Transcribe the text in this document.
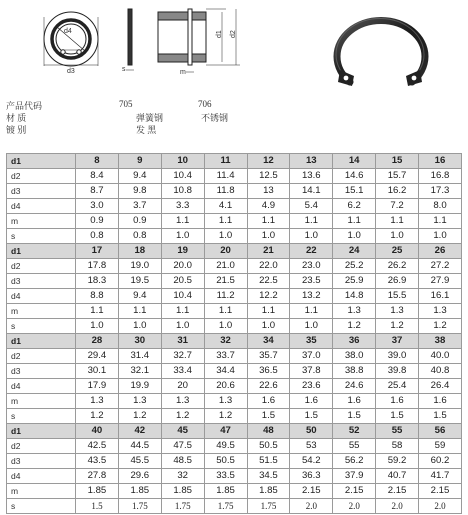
d4
d3	s
d1 d2
m
产品代码	705	706
材 质	弹簧钢	不锈钢
镀 别	发 黑
d1	8	9	10	11	12	13	14	15	16
d2	8.4	9.4	10.4	11.4	12.5	13.6	14.6	15.7	16.8
d3	8.7	9.8	10.8	11.8	13	14.1	15.1	16.2	17.3
d4	3.0	3.7	3.3	4.1	4.9	5.4	6.2	7.2	8.0
m	0.9	0.9	1.1	1.1	1.1	1.1	1.1	1.1	1.1
s	0.8	0.8	1.0	1.0	1.0	1.0	1.0	1.0	1.0
d1	17	18	19	20	21	22	24	25	26
d2	17.8	19.0	20.0	21.0	22.0	23.0	25.2	26.2	27.2
d3	18.3	19.5	20.5	21.5	22.5	23.5	25.9	26.9	27.9
d4	8.8	9.4	10.4	11.2	12.2	13.2	14.8	15.5	16.1
m	1.1	1.1	1.1	1.1	1.1	1.1	1.3	1.3	1.3
s	1.0	1.0	1.0	1.0	1.0	1.0	1.2	1.2	1.2
d1	28	30	31	32	34	35	36	37	38
d2	29.4	31.4	32.7	33.7	35.7	37.0	38.0	39.0	40.0
d3	30.1	32.1	33.4	34.4	36.5	37.8	38.8	39.8	40.8
d4	17.9	19.9	20	20.6	22.6	23.6	24.6	25.4	26.4
m	1.3	1.3	1.3	1.3	1.6	1.6	1.6	1.6	1.6
s	1.2	1.2	1.2	1.2	1.5	1.5	1.5	1.5	1.5
d1	40	42	45	47	48	50	52	55	56
d2	42.5	44.5	47.5	49.5	50.5	53	55	58	59
d3	43.5	45.5	48.5	50.5	51.5	54.2	56.2	59.2	60.2
d4	27.8	29.6	32	33.5	34.5	36.3	37.9	40.7	41.7
m	1.85	1.85	1.85	1.85	1.85	2.15	2.15	2.15	2.15
s	1.5	1.75	1.75	1.75	1.75	2.0	2.0	2.0	2.0
